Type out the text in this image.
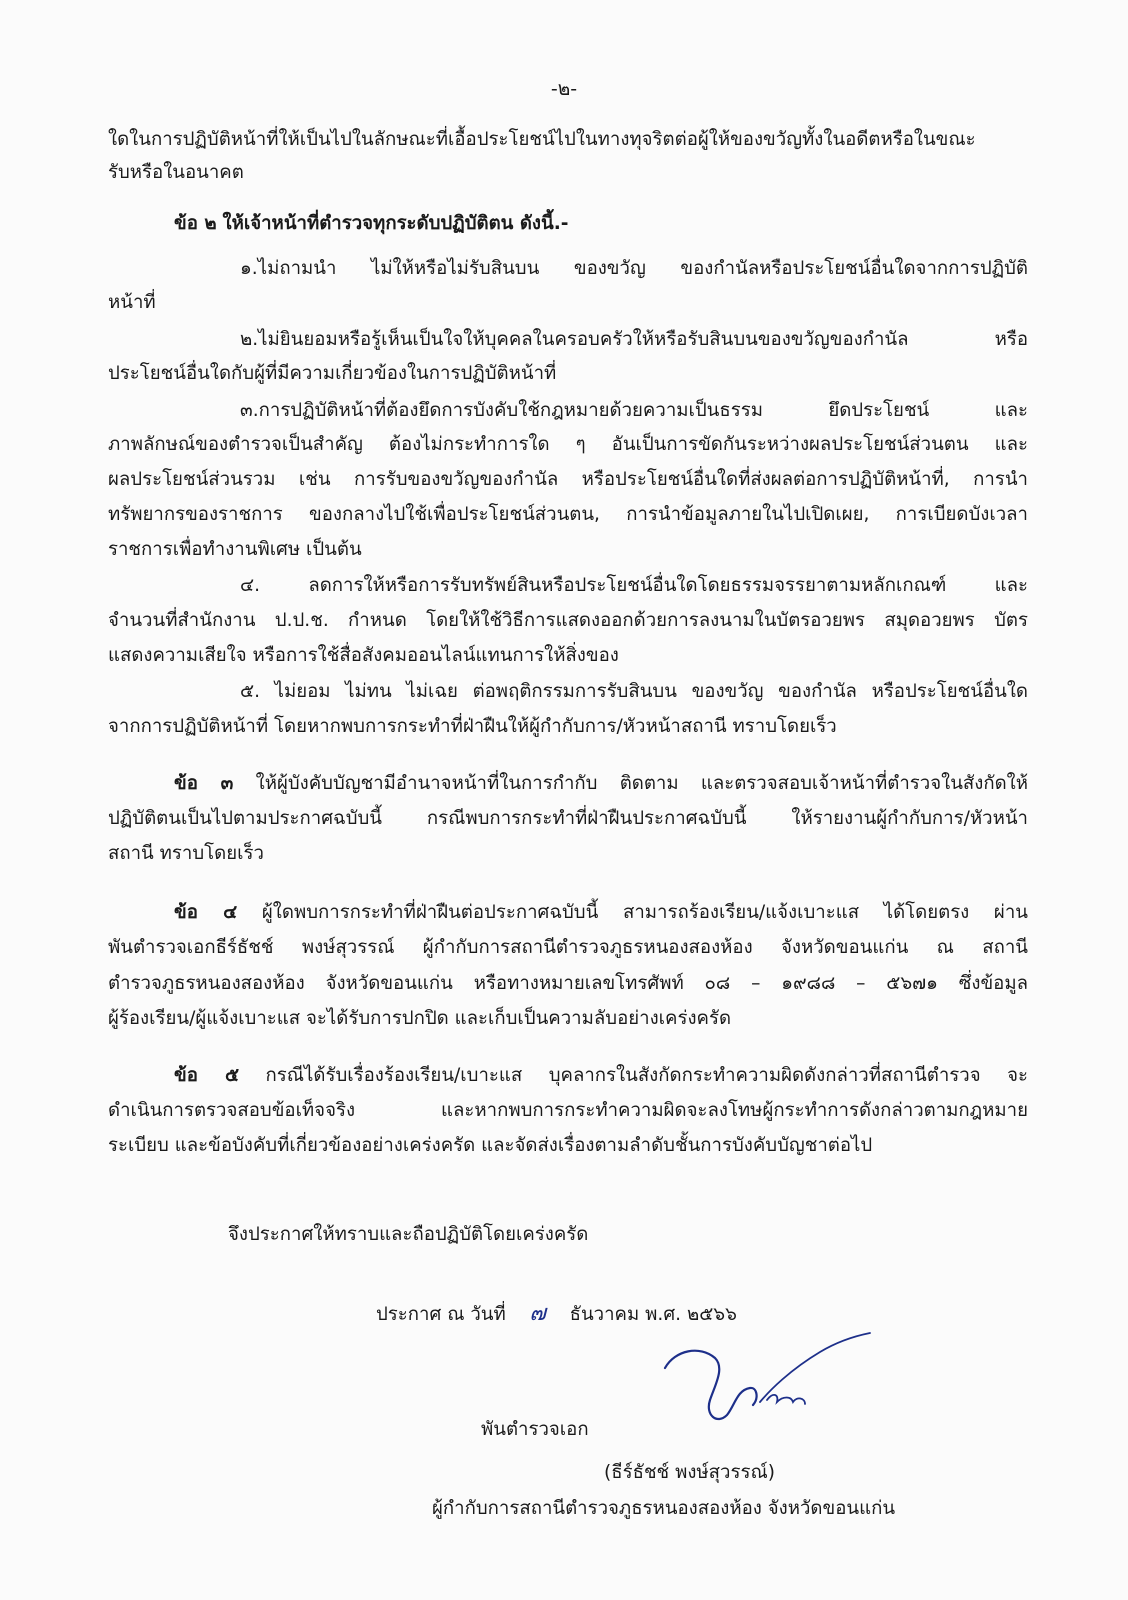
-๒-
ใดในการปฏิบัติหน้าที่ให้เป็นไปในลักษณะที่เอื้อประโยชน์ไปในทางทุจริตต่อผู้ให้ของขวัญทั้งในอดีตหรือในขณะ
รับหรือในอนาคต
ข้อ ๒ ให้เจ้าหน้าที่ตำรวจทุกระดับปฏิบัติตน ดังนี้.-
๑.ไม่ถามนำ ไม่ให้หรือไม่รับสินบน ของขวัญ ของกำนัลหรือประโยชน์อื่นใดจากการปฏิบัติ
หน้าที่
๒.ไม่ยินยอมหรือรู้เห็นเป็นใจให้บุคคลในครอบครัวให้หรือรับสินบนของขวัญของกำนัล หรือ
ประโยชน์อื่นใดกับผู้ที่มีความเกี่ยวข้องในการปฏิบัติหน้าที่
๓.การปฏิบัติหน้าที่ต้องยึดการบังคับใช้กฎหมายด้วยความเป็นธรรม ยึดประโยชน์ และ
ภาพลักษณ์ของตำรวจเป็นสำคัญ ต้องไม่กระทำการใด ๆ อันเป็นการขัดกันระหว่างผลประโยชน์ส่วนตน และ
ผลประโยชน์ส่วนรวม เช่น การรับของขวัญของกำนัล หรือประโยชน์อื่นใดที่ส่งผลต่อการปฏิบัติหน้าที่, การนำ
ทรัพยากรของราชการ ของกลางไปใช้เพื่อประโยชน์ส่วนตน, การนำข้อมูลภายในไปเปิดเผย, การเบียดบังเวลา
ราชการเพื่อทำงานพิเศษ เป็นต้น
๔. ลดการให้หรือการรับทรัพย์สินหรือประโยชน์อื่นใดโดยธรรมจรรยาตามหลักเกณฑ์ และ
จำนวนที่สำนักงาน ป.ป.ช. กำหนด โดยให้ใช้วิธีการแสดงออกด้วยการลงนามในบัตรอวยพร สมุดอวยพร บัตร
แสดงความเสียใจ หรือการใช้สื่อสังคมออนไลน์แทนการให้สิ่งของ
๕. ไม่ยอม ไม่ทน ไม่เฉย ต่อพฤติกรรมการรับสินบน ของขวัญ ของกำนัล หรือประโยชน์อื่นใด
จากการปฏิบัติหน้าที่ โดยหากพบการกระทำที่ฝ่าฝืนให้ผู้กำกับการ/หัวหน้าสถานี ทราบโดยเร็ว
ข้อ ๓ ให้ผู้บังคับบัญชามีอำนาจหน้าที่ในการกำกับ ติดตาม และตรวจสอบเจ้าหน้าที่ตำรวจในสังกัดให้
ปฏิบัติตนเป็นไปตามประกาศฉบับนี้ กรณีพบการกระทำที่ฝ่าฝืนประกาศฉบับนี้ ให้รายงานผู้กำกับการ/หัวหน้า
สถานี ทราบโดยเร็ว
ข้อ ๔ ผู้ใดพบการกระทำที่ฝ่าฝืนต่อประกาศฉบับนี้ สามารถร้องเรียน/แจ้งเบาะแส ได้โดยตรง ผ่าน
พันตำรวจเอกธีร์ธัชช์ พงษ์สุวรรณ์ ผู้กำกับการสถานีตำรวจภูธรหนองสองห้อง จังหวัดขอนแก่น ณ สถานี
ตำรวจภูธรหนองสองห้อง จังหวัดขอนแก่น หรือทางหมายเลขโทรศัพท์ ๐๘ – ๑๙๘๘ – ๕๖๗๑ ซึ่งข้อมูล
ผู้ร้องเรียน/ผู้แจ้งเบาะแส จะได้รับการปกปิด และเก็บเป็นความลับอย่างเคร่งครัด
ข้อ ๕ กรณีได้รับเรื่องร้องเรียน/เบาะแส บุคลากรในสังกัดกระทำความผิดดังกล่าวที่สถานีตำรวจ จะ
ดำเนินการตรวจสอบข้อเท็จจริง และหากพบการกระทำความผิดจะลงโทษผู้กระทำการดังกล่าวตามกฎหมาย
ระเบียบ และข้อบังคับที่เกี่ยวข้องอย่างเคร่งครัด และจัดส่งเรื่องตามลำดับชั้นการบังคับบัญชาต่อไป
จึงประกาศให้ทราบและถือปฏิบัติโดยเคร่งครัด
ประกาศ ณ วันที่ ๗ ธันวาคม พ.ศ. ๒๕๖๖
พันตำรวจเอก
(ธีร์ธัชช์ พงษ์สุวรรณ์)
ผู้กำกับการสถานีตำรวจภูธรหนองสองห้อง จังหวัดขอนแก่น
